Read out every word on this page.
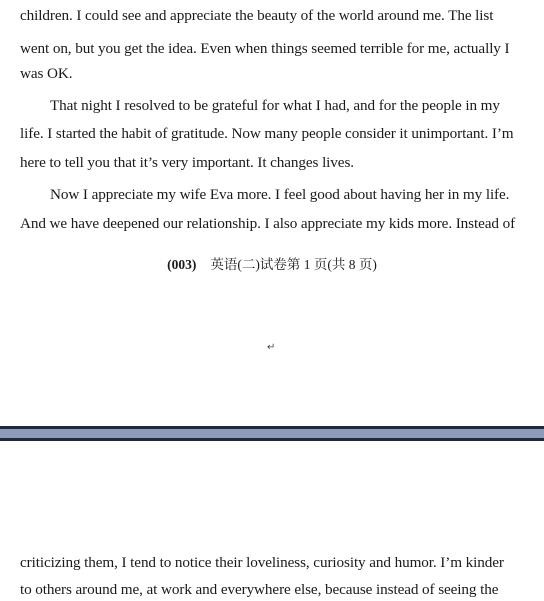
children. I could see and appreciate the beauty of the world around me. The list
went on, but you get the idea. Even when things seemed terrible for me, actually I
was OK.
That night I resolved to be grateful for what I had, and for the people in my
life. I started the habit of gratitude. Now many people consider it unimportant. I’m
here to tell you that it’s very important. It changes lives.
Now I appreciate my wife Eva more. I feel good about having her in my life.
And we have deepened our relationship. I also appreciate my kids more. Instead of
(003) 英语(二)试卷第 1 页(共 8 页)
↵
criticizing them, I tend to notice their loveliness, curiosity and humor. I’m kinder
to others around me, at work and everywhere else, because instead of seeing the
